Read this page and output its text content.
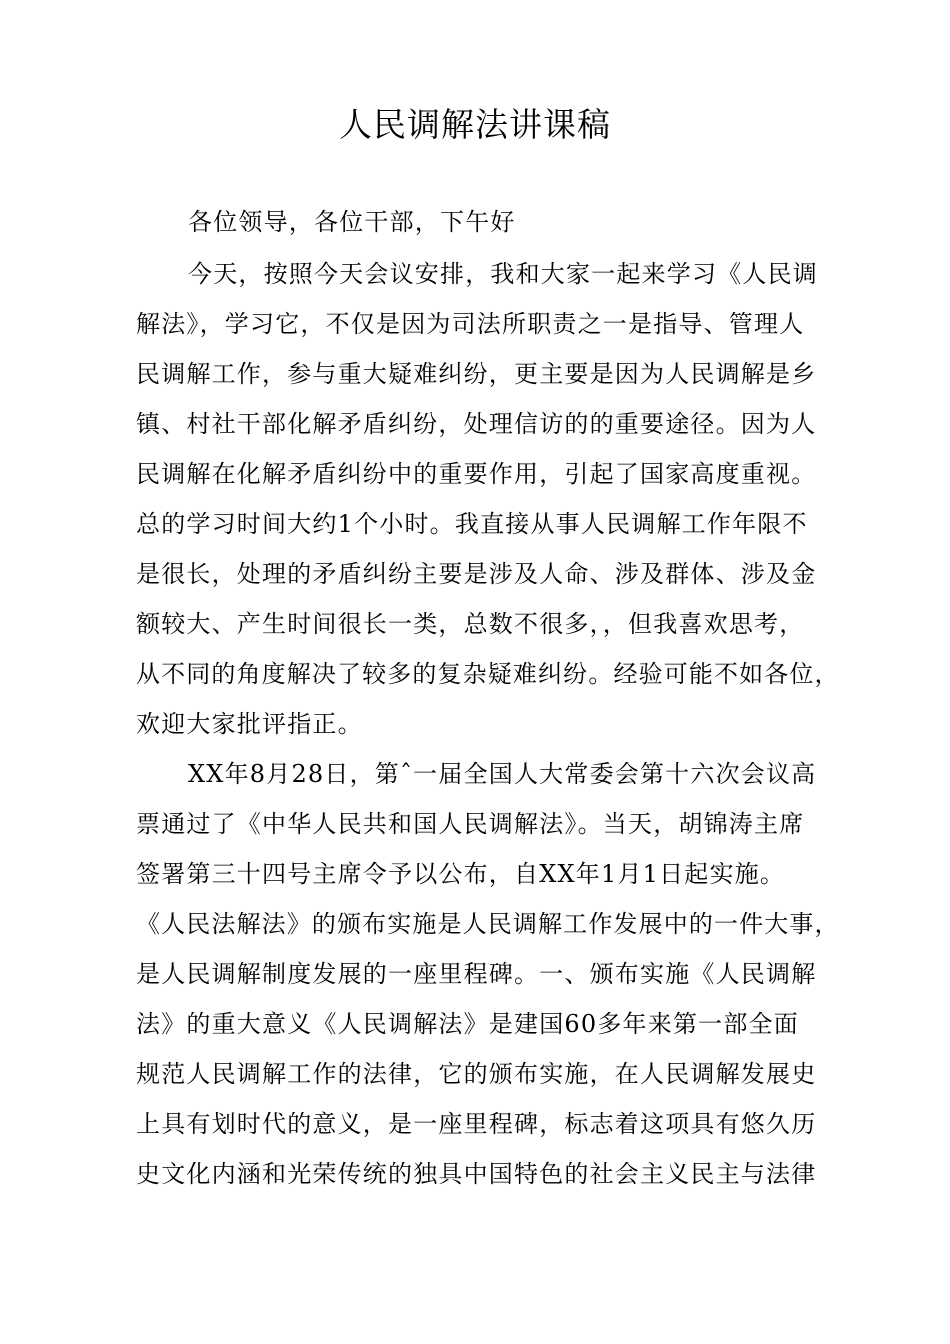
人民调解法讲课稿

各位领导，各位干部，下午好

今天，按照今天会议安排，我和大家一起来学习《人民调

解法》，学习它，不仅是因为司法所职责之一是指导、管理人

民调解工作，参与重大疑难纠纷，更主要是因为人民调解是乡

镇、村社干部化解矛盾纠纷，处理信访的的重要途径。因为人

民调解在化解矛盾纠纷中的重要作用，引起了国家高度重视。

总的学习时间大约1个小时。我直接从事人民调解工作年限不

是很长，处理的矛盾纠纷主要是涉及人命、涉及群体、涉及金

额较大、产生时间很长一类，总数不很多，，但我喜欢思考，

从不同的角度解决了较多的复杂疑难纠纷。经验可能不如各位，

欢迎大家批评指正。

XX年8月28日，第ˆ一届全国人大常委会第十六次会议高

票通过了《中华人民共和国人民调解法》。当天，胡锦涛主席

签署第三十四号主席令予以公布，自XX年1月1日起实施。

《人民法解法》的颁布实施是人民调解工作发展中的一件大事，

是人民调解制度发展的一座里程碑。一、颁布实施《人民调解

法》的重大意义《人民调解法》是建国60多年来第一部全面

规范人民调解工作的法律，它的颁布实施，在人民调解发展史

上具有划时代的意义，是一座里程碑，标志着这项具有悠久历

史文化内涵和光荣传统的独具中国特色的社会主义民主与法律
